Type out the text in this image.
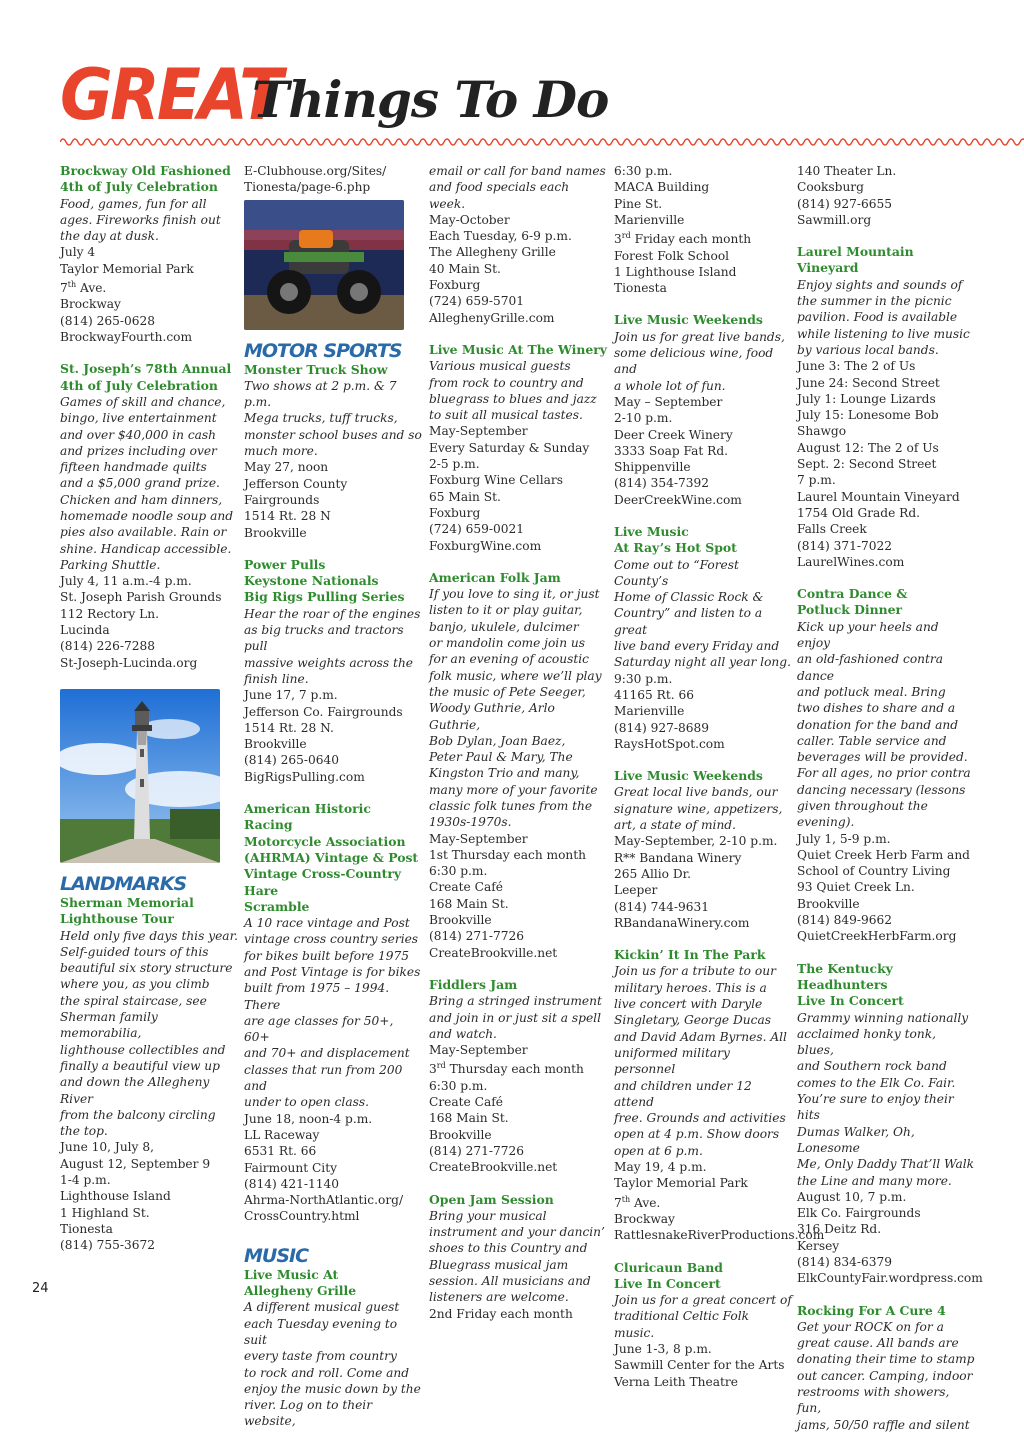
GREAT
Things To Do

Brockway Old Fashioned

4th of July Celebration

Food, games, fun for all

ages. Fireworks finish out

the day at dusk.

July 4

Taylor Memorial Park

7th Ave.

Brockway

(814) 265-0628

BrockwayFourth.com

St. Joseph’s 78th Annual

4th of July Celebration

Games of skill and chance,

bingo, live entertainment

and over $40,000 in cash

and prizes including over

fifteen handmade quilts

and a $5,000 grand prize.

Chicken and ham dinners,

homemade noodle soup and

pies also available. Rain or

shine. Handicap accessible.

Parking Shuttle.

July 4, 11 a.m.-4 p.m.

St. Joseph Parish Grounds

112 Rectory Ln.

Lucinda

(814) 226-7288

St-Joseph-Lucinda.org

LANDMARKS

Sherman Memorial

Lighthouse Tour

Held only five days this year.

Self-guided tours of this

beautiful six story structure

where you, as you climb

the spiral staircase, see

Sherman family memorabilia,

lighthouse collectibles and

finally a beautiful view up

and down the Allegheny River

from the balcony circling

the top.

June 10, July 8,

August 12, September 9

1-4 p.m.

Lighthouse Island

1 Highland St.

Tionesta

(814) 755-3672

E-Clubhouse.org/Sites/

Tionesta/page-6.php

MOTOR SPORTS

Monster Truck Show

Two shows at 2 p.m. & 7 p.m.

Mega trucks, tuff trucks,

monster school buses and so

much more.

May 27, noon

Jefferson County Fairgrounds

1514 Rt. 28 N

Brookville

Power Pulls

Keystone Nationals

Big Rigs Pulling Series

Hear the roar of the engines

as big trucks and tractors pull

massive weights across the

finish line.

June 17, 7 p.m.

Jefferson Co. Fairgrounds

1514 Rt. 28 N.

Brookville

(814) 265-0640

BigRigsPulling.com

American Historic Racing

Motorcycle Association

(AHRMA) Vintage & Post

Vintage Cross-Country Hare

Scramble

A 10 race vintage and Post

vintage cross country series

for bikes built before 1975

and Post Vintage is for bikes

built from 1975 – 1994. There

are age classes for 50+, 60+

and 70+ and displacement

classes that run from 200 and

under to open class.

June 18, noon-4 p.m.

LL Raceway

6531 Rt. 66

Fairmount City

(814) 421-1140

Ahrma-NorthAtlantic.org/

CrossCountry.html

MUSIC

Live Music At

Allegheny Grille

A different musical guest

each Tuesday evening to suit

every taste from country

to rock and roll. Come and

enjoy the music down by the

river. Log on to their website,

email or call for band names

and food specials each week.

May-October

Each Tuesday, 6-9 p.m.

The Allegheny Grille

40 Main St.

Foxburg

(724) 659-5701

AlleghenyGrille.com

Live Music At The Winery

Various musical guests

from rock to country and

bluegrass to blues and jazz

to suit all musical tastes.

May-September

Every Saturday & Sunday

2-5 p.m.

Foxburg Wine Cellars

65 Main St.

Foxburg

(724) 659-0021

FoxburgWine.com

American Folk Jam

If you love to sing it, or just

listen to it or play guitar,

banjo, ukulele, dulcimer

or mandolin come join us

for an evening of acoustic

folk music, where we’ll play

the music of Pete Seeger,

Woody Guthrie, Arlo Guthrie,

Bob Dylan, Joan Baez,

Peter Paul & Mary, The

Kingston Trio and many,

many more of your favorite

classic folk tunes from the

1930s-1970s.

May-September

1st Thursday each month

6:30 p.m.

Create Café

168 Main St.

Brookville

(814) 271-7726

CreateBrookville.net

Fiddlers Jam

Bring a stringed instrument

and join in or just sit a spell

and watch.

May-September

3rd Thursday each month

6:30 p.m.

Create Café

168 Main St.

Brookville

(814) 271-7726

CreateBrookville.net

Open Jam Session

Bring your musical

instrument and your dancin’

shoes to this Country and

Bluegrass musical jam

session. All musicians and

listeners are welcome.

2nd Friday each month

6:30 p.m.

MACA Building

Pine St.

Marienville

3rd Friday each month

Forest Folk School

1 Lighthouse Island

Tionesta

Live Music Weekends

Join us for great live bands,

some delicious wine, food and

a whole lot of fun.

May – September

2-10 p.m.

Deer Creek Winery

3333 Soap Fat Rd.

Shippenville

(814) 354-7392

DeerCreekWine.com

Live Music

At Ray’s Hot Spot

Come out to “Forest County’s

Home of Classic Rock &

Country” and listen to a great

live band every Friday and

Saturday night all year long.

9:30 p.m.

41165 Rt. 66

Marienville

(814) 927-8689

RaysHotSpot.com

Live Music Weekends

Great local live bands, our

signature wine, appetizers,

art, a state of mind.

May-September, 2-10 p.m.

R** Bandana Winery

265 Allio Dr.

Leeper

(814) 744-9631

RBandanaWinery.com

Kickin’ It In The Park

Join us for a tribute to our

military heroes. This is a

live concert with Daryle

Singletary, George Ducas

and David Adam Byrnes. All

uniformed military personnel

and children under 12 attend

free. Grounds and activities

open at 4 p.m. Show doors

open at 6 p.m.

May 19, 4 p.m.

Taylor Memorial Park

7th Ave.

Brockway

RattlesnakeRiverProductions.com

Cluricaun Band

Live In Concert

Join us for a great concert of

traditional Celtic Folk music.

June 1-3, 8 p.m.

Sawmill Center for the Arts

Verna Leith Theatre

140 Theater Ln.

Cooksburg

(814) 927-6655

Sawmill.org

Laurel Mountain Vineyard

Enjoy sights and sounds of

the summer in the picnic

pavilion. Food is available

while listening to live music

by various local bands.

June 3: The 2 of Us

June 24: Second Street

July 1: Lounge Lizards

July 15: Lonesome Bob

Shawgo

August 12: The 2 of Us

Sept. 2: Second Street

7 p.m.

Laurel Mountain Vineyard

1754 Old Grade Rd.

Falls Creek

(814) 371-7022

LaurelWines.com

Contra Dance &

Potluck Dinner

Kick up your heels and enjoy

an old-fashioned contra dance

and potluck meal. Bring

two dishes to share and a

donation for the band and

caller. Table service and

beverages will be provided.

For all ages, no prior contra

dancing necessary (lessons

given throughout the

evening).

July 1, 5-9 p.m.

Quiet Creek Herb Farm and

School of Country Living

93 Quiet Creek Ln.

Brookville

(814) 849-9662

QuietCreekHerbFarm.org

The Kentucky Headhunters

Live In Concert

Grammy winning nationally

acclaimed honky tonk, blues,

and Southern rock band

comes to the Elk Co. Fair.

You’re sure to enjoy their hits

Dumas Walker, Oh, Lonesome

Me, Only Daddy That’ll Walk

the Line and many more.

August 10, 7 p.m.

Elk Co. Fairgrounds

316 Deitz Rd.

Kersey

(814) 834-6379

ElkCountyFair.wordpress.com

Rocking For A Cure 4

Get your ROCK on for a

great cause. All bands are

donating their time to stamp

out cancer. Camping, indoor

restrooms with showers, fun,

jams, 50/50 raffle and silent

24
